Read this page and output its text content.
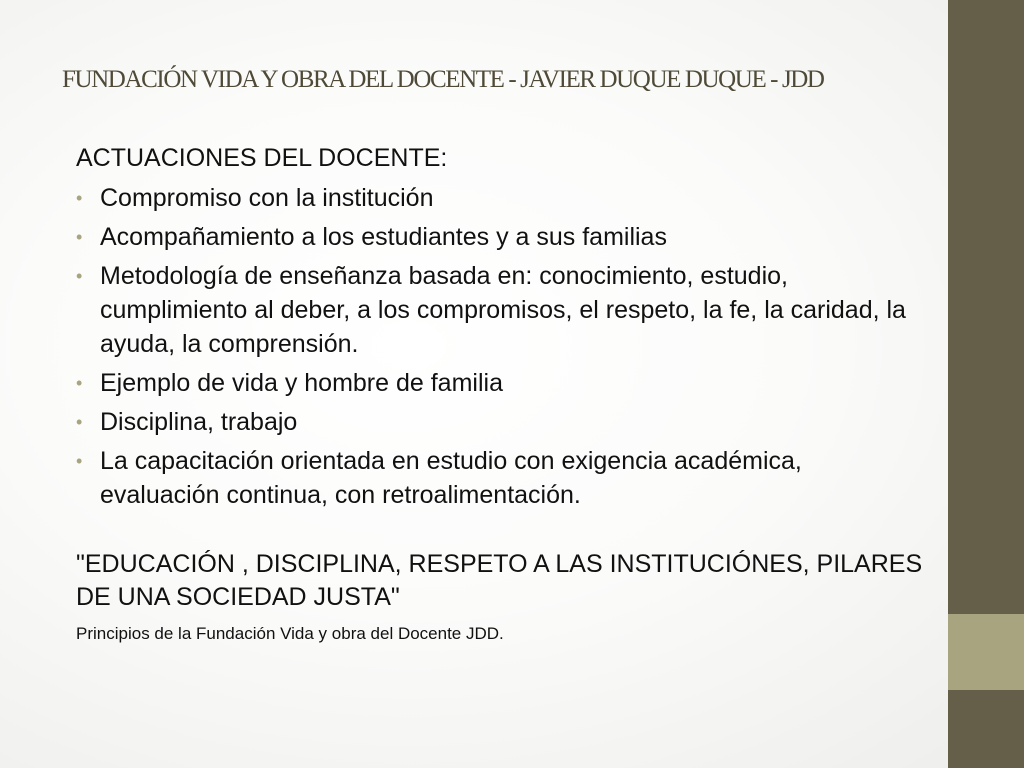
FUNDACIÓN VIDA Y OBRA DEL DOCENTE - JAVIER DUQUE DUQUE - JDD

ACTUACIONES DEL DOCENTE:

• Compromiso con la institución
• Acompañamiento a los estudiantes y a sus familias
• Metodología de enseñanza basada en: conocimiento, estudio, cumplimiento al deber, a los compromisos, el respeto, la fe, la caridad, la ayuda, la comprensión.
• Ejemplo de vida y hombre de familia
• Disciplina, trabajo
• La capacitación orientada en estudio con exigencia académica, evaluación continua, con retroalimentación.

"EDUCACIÓN , DISCIPLINA, RESPETO A LAS INSTITUCIÓNES, PILARES DE UNA SOCIEDAD JUSTA"

Principios de la Fundación Vida y obra del Docente JDD.
